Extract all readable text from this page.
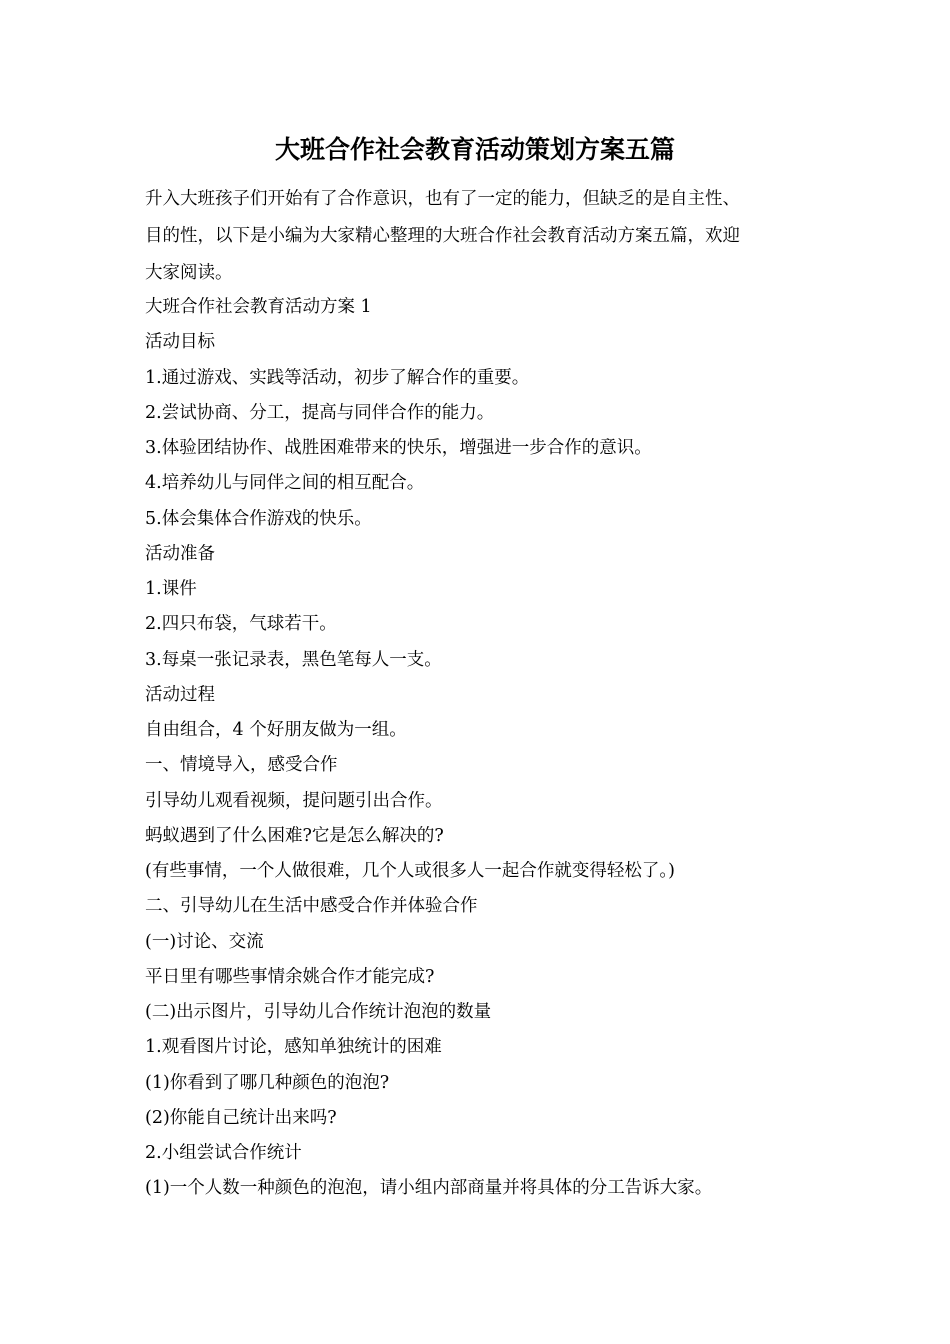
大班合作社会教育活动策划方案五篇
升入大班孩子们开始有了合作意识，也有了一定的能力，但缺乏的是自主性、
目的性，以下是小编为大家精心整理的大班合作社会教育活动方案五篇，欢迎
大家阅读。
大班合作社会教育活动方案 1
活动目标
1.通过游戏、实践等活动，初步了解合作的重要。
2.尝试协商、分工，提高与同伴合作的能力。
3.体验团结协作、战胜困难带来的快乐，增强进一步合作的意识。
4.培养幼儿与同伴之间的相互配合。
5.体会集体合作游戏的快乐。
活动准备
1.课件
2.四只布袋，气球若干。
3.每桌一张记录表，黑色笔每人一支。
活动过程
自由组合，4 个好朋友做为一组。
一、情境导入，感受合作
引导幼儿观看视频，提问题引出合作。
蚂蚁遇到了什么困难?它是怎么解决的?
(有些事情，一个人做很难，几个人或很多人一起合作就变得轻松了。)
二、引导幼儿在生活中感受合作并体验合作
(一)讨论、交流
平日里有哪些事情余姚合作才能完成?
(二)出示图片，引导幼儿合作统计泡泡的数量
1.观看图片讨论，感知单独统计的困难
(1)你看到了哪几种颜色的泡泡?
(2)你能自己统计出来吗?
2.小组尝试合作统计
(1)一个人数一种颜色的泡泡，请小组内部商量并将具体的分工告诉大家。
